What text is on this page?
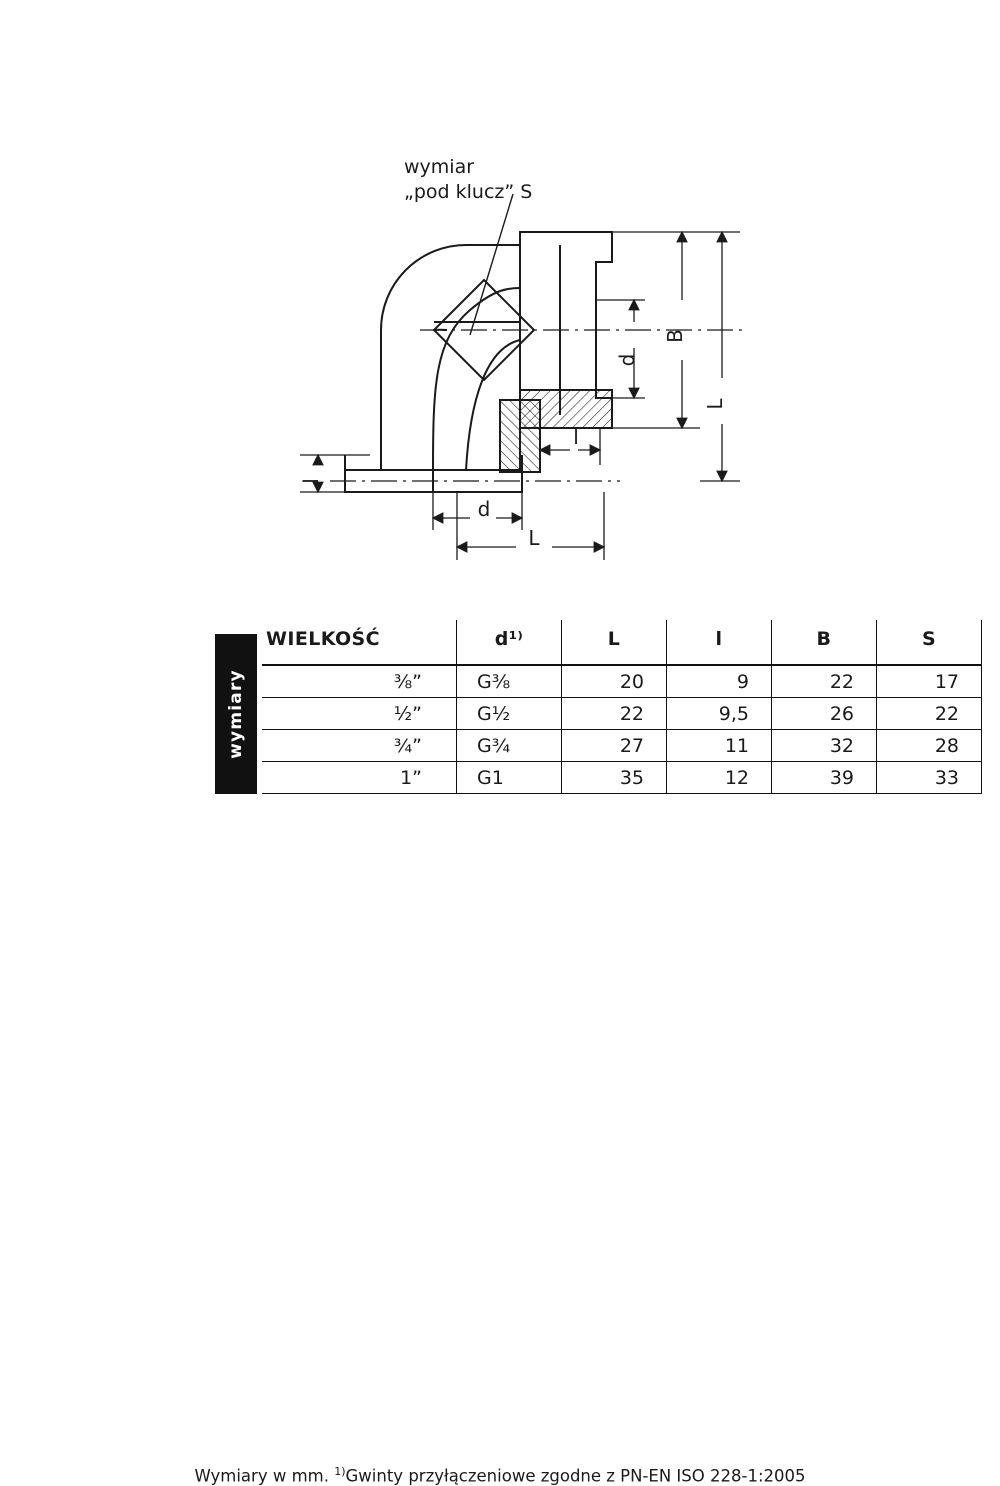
B
d
L
l
l
d
L
wymiar
„pod klucz” S
wymiary
WIELKOŚĆ	d¹⁾	L	l	B	S
⅜”	G⅜	20	9	22	17
½”	G½	22	9,5	26	22
¾”	G¾	27	11	32	28
1”	G1	35	12	39	33
Wymiary w mm. $^{1)}$Gwinty przyłączeniowe zgodne z PN-EN ISO 228-1:2005
